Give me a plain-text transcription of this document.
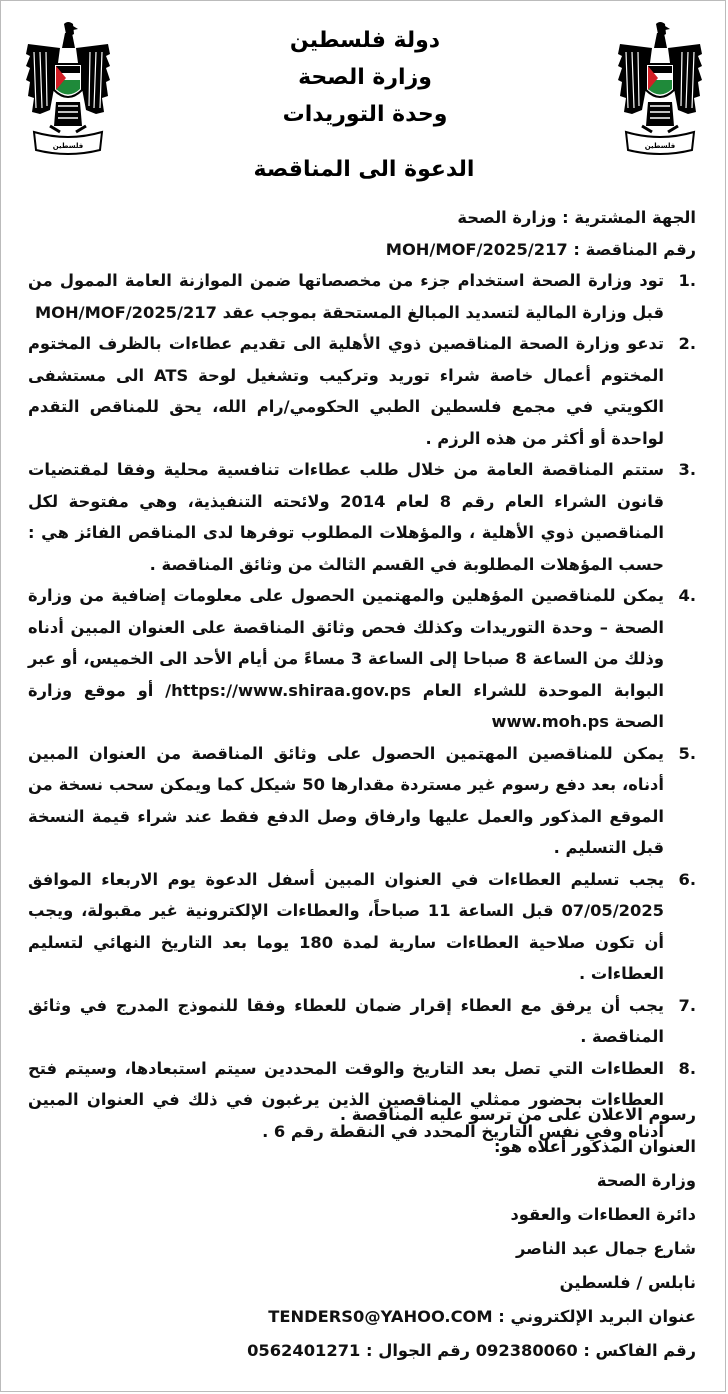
فلسطين	فلسطين
دولة فلسطين
وزارة الصحة
وحدة التوريدات
الدعوة الى المناقصة
الجهة المشترية : وزارة الصحة
رقم المناقصة : MOH/MOF/2025/217
1.
تود وزارة الصحة استخدام جزء من مخصصاتها ضمن الموازنة العامة الممول من قبل وزارة المالية لتسديد المبالغ المستحقة بموجب عقد MOH/MOF/2025/217
2.
تدعو وزارة الصحة المناقصين ذوي الأهلية الى تقديم عطاءات بالظرف المختوم المختوم أعمال خاصة شراء توريد وتركيب وتشغيل لوحة ATS الى مستشفى الكويتي في مجمع فلسطين الطبي الحكومي/رام الله، يحق للمناقص التقدم لواحدة أو أكثر من هذه الرزم .
3.
ستتم المناقصة العامة من خلال طلب عطاءات تنافسية محلية وفقا لمقتضيات قانون الشراء العام رقم 8 لعام 2014 ولائحته التنفيذية، وهي مفتوحة لكل المناقصين ذوي الأهلية ، والمؤهلات المطلوب توفرها لدى المناقص الفائز هي : حسب المؤهلات المطلوبة في القسم الثالث من وثائق المناقصة .
4.
يمكن للمناقصين المؤهلين والمهتمين الحصول على معلومات إضافية من وزارة الصحة – وحدة التوريدات وكذلك فحص وثائق المناقصة على العنوان المبين أدناه وذلك من الساعة 8 صباحا إلى الساعة 3 مساءً من أيام الأحد الى الخميس، أو عبر البوابة الموحدة للشراء العام https://www.shiraa.gov.ps/ أو موقع وزارة الصحة www.moh.ps
5.
يمكن للمناقصين المهتمين الحصول على وثائق المناقصة من العنوان المبين أدناه، بعد دفع رسوم غير مستردة مقدارها 50 شيكل كما ويمكن سحب نسخة من الموقع المذكور والعمل عليها وارفاق وصل الدفع فقط عند شراء قيمة النسخة قبل التسليم .
6.
يجب تسليم العطاءات في العنوان المبين أسفل الدعوة يوم الاربعاء الموافق 07/05/2025 قبل الساعة 11 صباحاً، والعطاءات الإلكترونية غير مقبولة، ويجب أن تكون صلاحية العطاءات سارية لمدة 180 يوما بعد التاريخ النهائي لتسليم العطاءات .
7.
يجب أن يرفق مع العطاء إقرار ضمان للعطاء وفقا للنموذج المدرج في وثائق المناقصة .
8.
العطاءات التي تصل بعد التاريخ والوقت المحددين سيتم استبعادها، وسيتم فتح العطاءات بحضور ممثلي المناقصين الذين يرغبون في ذلك في العنوان المبين أدناه وفي نفس التاريخ المحدد في النقطة رقم 6 .
رسوم الاعلان على من ترسو عليه المناقصة .
العنوان المذكور أعلاه هو:
وزارة الصحة
دائرة العطاءات والعقود
شارع جمال عبد الناصر
نابلس / فلسطين
عنوان البريد الإلكتروني : TENDERS0@YAHOO.COM
رقم الفاكس : 092380060 رقم الجوال : 0562401271
